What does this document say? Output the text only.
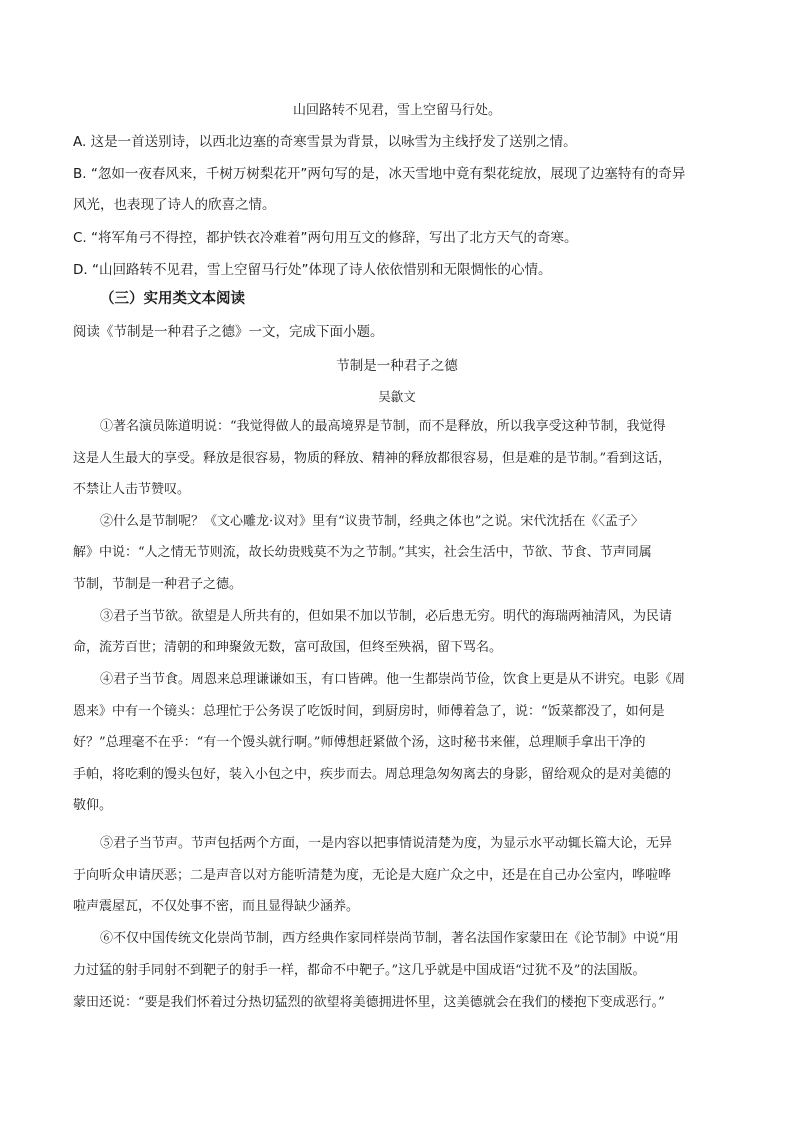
山回路转不见君，雪上空留马行处。
A. 这是一首送别诗，以西北边塞的奇寒雪景为背景，以咏雪为主线抒发了送别之情。
B. “忽如一夜春风来，千树万树梨花开”两句写的是，冰天雪地中竟有梨花绽放，展现了边塞特有的奇异
风光，也表现了诗人的欣喜之情。
C. “将军角弓不得控，都护铁衣冷难着”两句用互文的修辞，写出了北方天气的奇寒。
D. “山回路转不见君，雪上空留马行处”体现了诗人依依惜别和无限惆怅的心情。
（三）实用类文本阅读
阅读《节制是一种君子之德》一文，完成下面小题。
节制是一种君子之德
吴歙文
①著名演员陈道明说：“我觉得做人的最高境界是节制，而不是释放，所以我享受这种节制，我觉得
这是人生最大的享受。释放是很容易，物质的释放、精神的释放都很容易，但是难的是节制。”看到这话，
不禁让人击节赞叹。
②什么是节制呢？《文心雕龙·议对》里有“议贵节制，经典之体也”之说。宋代沈括在《〈孟子〉
解》中说：“人之情无节则流，故长幼贵贱莫不为之节制。”其实，社会生活中，节欲、节食、节声同属
节制，节制是一种君子之德。
③君子当节欲。欲望是人所共有的，但如果不加以节制，必后患无穷。明代的海瑞两袖清风，为民请
命，流芳百世；清朝的和珅聚敛无数，富可敌国，但终至殃祸，留下骂名。
④君子当节食。周恩来总理谦谦如玉，有口皆碑。他一生都崇尚节俭，饮食上更是从不讲究。电影《周
恩来》中有一个镜头：总理忙于公务误了吃饭时间，到厨房时，师傅着急了，说：“饭菜都没了，如何是
好？”总理毫不在乎：“有一个馒头就行啊。”师傅想赶紧做个汤，这时秘书来催，总理顺手拿出干净的
手帕，将吃剩的馒头包好，装入小包之中，疾步而去。周总理急匆匆离去的身影，留给观众的是对美德的
敬仰。
⑤君子当节声。节声包括两个方面，一是内容以把事情说清楚为度，为显示水平动辄长篇大论，无异
于向听众申请厌恶；二是声音以对方能听清楚为度，无论是大庭广众之中，还是在自己办公室内，哗啦哗
啦声震屋瓦，不仅处事不密，而且显得缺少涵养。
⑥不仅中国传统文化崇尚节制，西方经典作家同样崇尚节制，著名法国作家蒙田在《论节制》中说“用
力过猛的射手同射不到靶子的射手一样，都命不中靶子。”这几乎就是中国成语“过犹不及”的法国版。
蒙田还说：“要是我们怀着过分热切猛烈的欲望将美德拥进怀里，这美德就会在我们的楼抱下变成恶行。”
